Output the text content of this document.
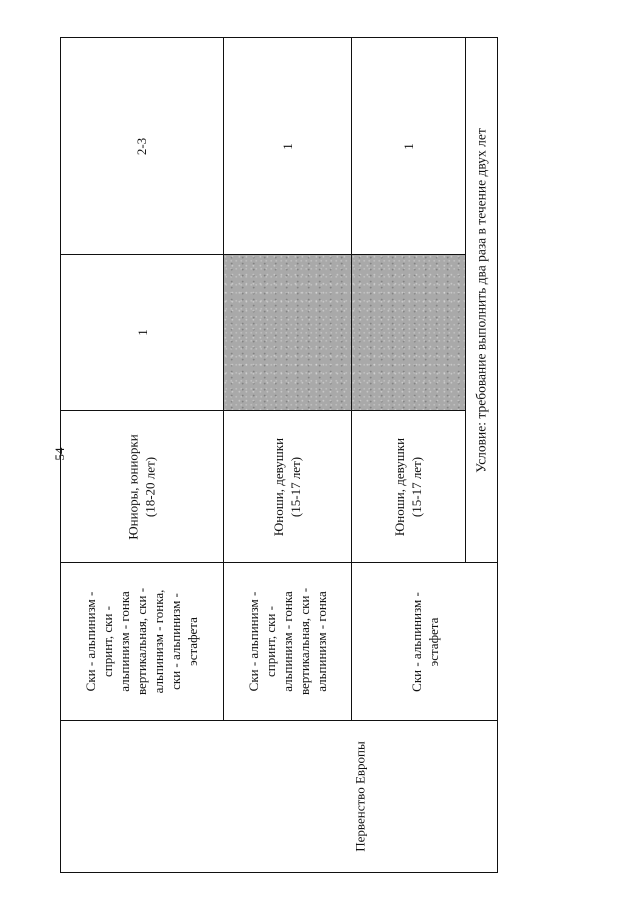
54
Первенство Европы
Ски - альпинизм -
спринт, ски -
альпинизм - гонка
вертикальная, ски -
альпинизм - гонка,
ски - альпинизм -
эстафета
Юниоры, юниорки
(18-20 лет)
1
2-3
Ски - альпинизм -
спринт, ски -
альпинизм - гонка
вертикальная, ски -
альпинизм - гонка
Юноши, девушки
(15-17 лет)
1
Ски - альпинизм -
эстафета
Юноши, девушки
(15-17 лет)
1	Условие: требование выполнить два раза в течение двух лет
